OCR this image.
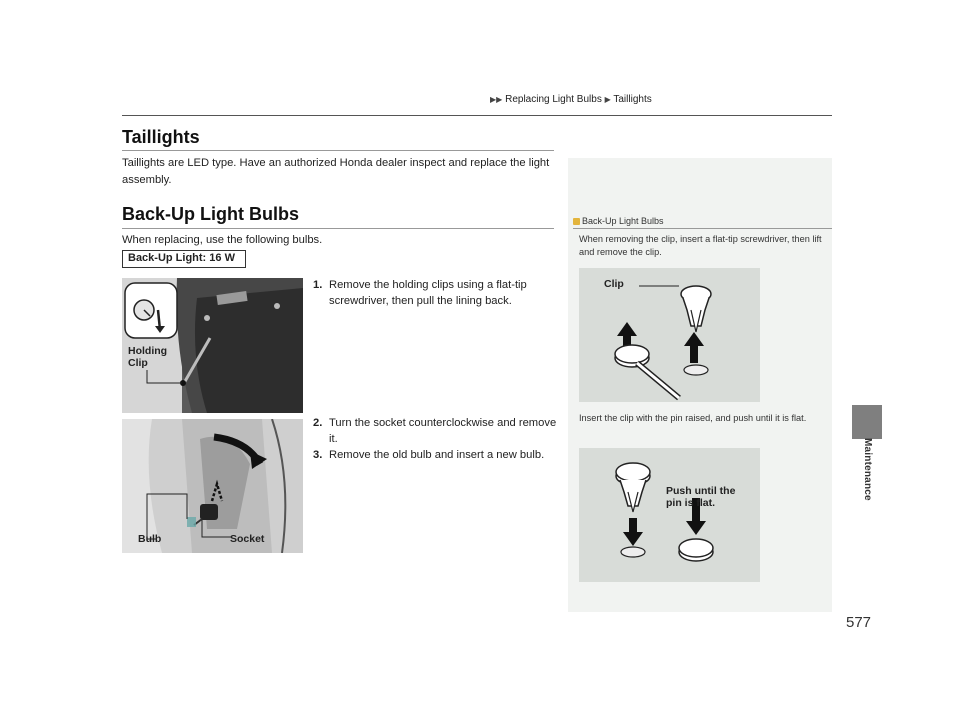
▶▶ Replacing Light Bulbs ▶ Taillights
Taillights
Taillights are LED type. Have an authorized Honda dealer inspect and replace the light assembly.
Back-Up Light Bulbs
When replacing, use the following bulbs.
Back-Up Light: 16 W
Holding
Clip
1. Remove the holding clips using a flat-tip screwdriver, then pull the lining back.
Bulb	Socket
2. Turn the socket counterclockwise and remove it.
3. Remove the old bulb and insert a new bulb.
Back-Up Light Bulbs
When removing the clip, insert a flat-tip screwdriver, then lift and remove the clip.
Clip
Insert the clip with the pin raised, and push until it is flat.
Push until the
pin is flat.
Maintenance
577
